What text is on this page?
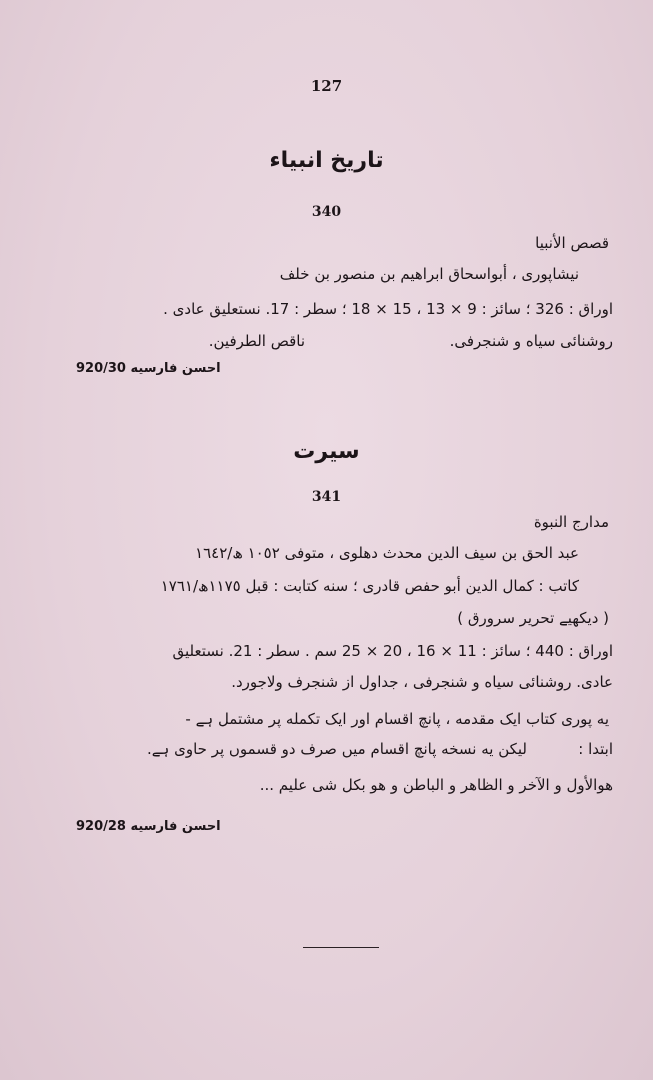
127
تاریخ انبیاء
340
قصص الأنبيا
نیشاپوری ، أبواسحاق ابراهیم بن منصور بن خلف
اوراق : 326 ؛ سائز : 9 × 13 ، 15 × 18 ؛ سطر : 17. نستعلیق عادی .
روشنائی سیاه و شنجرفی.
ناقص الطرفین.
احسن فارسیه 920/30
سیرت
341
مدارج النبوة
عبد الحق بن سیف الدین محدث دهلوی ، متوفی ١٠٥٢ ھ/١٦٤٢
کاتب : کمال الدین أبو حفص قادری ؛ سنه کتابت : قبل ١١٧٥ھ/١٧٦١
( دیکھیے تحریر سرورق )
اوراق : 440 ؛ سائز : 11 × 16 ، 20 × 25 سم . سطر : 21. نستعلیق
عادی. روشنائی سیاه و شنجرفی ، جداول از شنجرف ولاجورد.
یه پوری کتاب ایک مقدمه ، پانچ اقسام اور ایک تکمله پر مشتمل ہے -
لیکن یه نسخه پانچ اقسام میں صرف دو قسموں پر حاوی ہے.	ابتدا :
هوالأول و الآخر و الظاهر و الباطن و هو بكل شی علیم ...
احسن فارسیه 920/28
